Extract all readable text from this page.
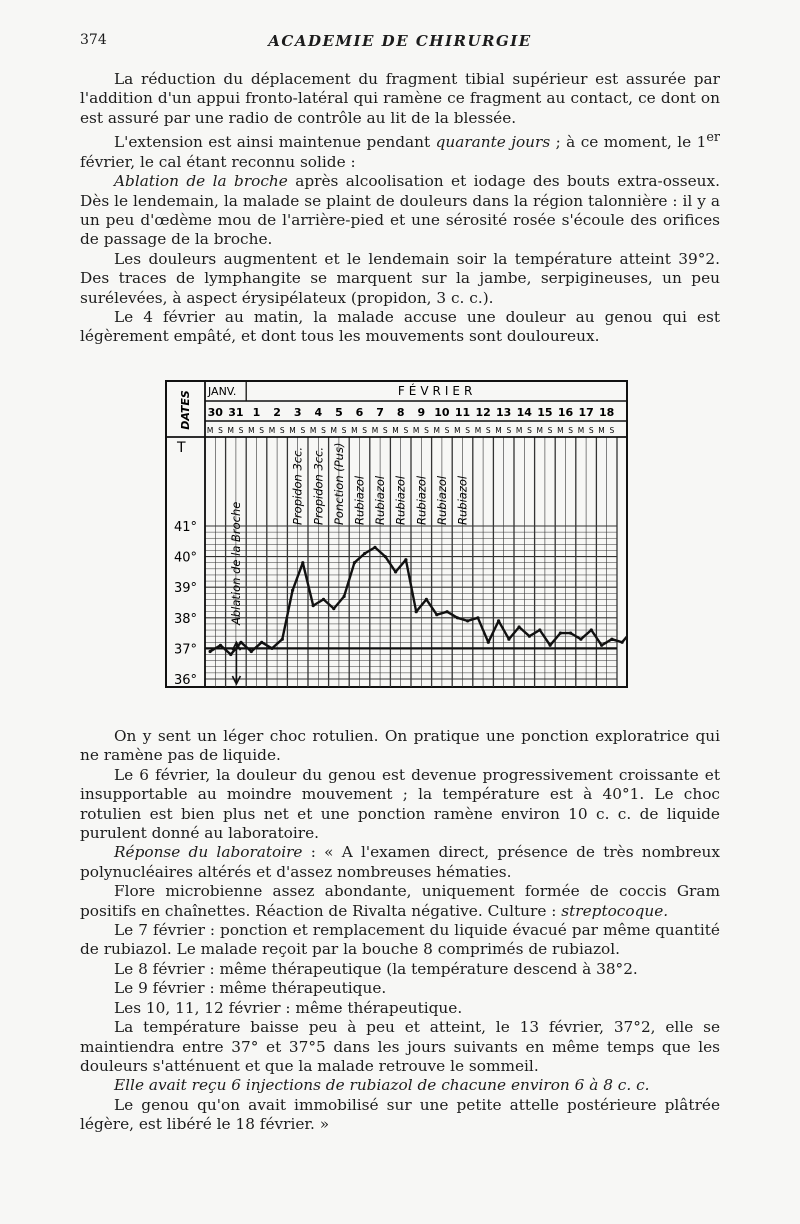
374	ACADEMIE DE CHIRURGIE

La réduction du déplacement du fragment tibial supérieur est assurée par l'addition d'un appui fronto-latéral qui ramène ce fragment au contact, ce dont on est assuré par une radio de contrôle au lit de la blessée.

L'extension est ainsi maintenue pendant quarante jours ; à ce moment, le 1er février, le cal étant reconnu solide :

Ablation de la broche après alcoolisation et iodage des bouts extra-osseux. Dès le lendemain, la malade se plaint de douleurs dans la région talonnière : il y a un peu d'œdème mou de l'arrière-pied et une sérosité rosée s'écoule des orifices de passage de la broche.

Les douleurs augmentent et le lendemain soir la température atteint 39°2. Des traces de lymphangite se marquent sur la jambe, serpigineuses, un peu surélevées, à aspect érysipélateux (propidon, 3 c. c.).

Le 4 février au matin, la malade accuse une douleur au genou qui est légèrement empâté, et dont tous les mouvements sont douloureux.

DATES JANV.	FÉVRIER
30
M S
31
M S
1
M S
2
M S
3
M S
4
M S
5
M S
6
M S
7
M S
8
M S
9
M S
10
M S
11
M S
12
M S
13
M S
14
M S
15
M S
16
M S
17
M S
18
M S
T
41°
40°
39°
38°
37°
36°
Ablation de la Broche
Propidon 3cc. Propidon 3cc. Ponction (Pus) Rubiazol Rubiazol Rubiazol Rubiazol Rubiazol Rubiazol

On y sent un léger choc rotulien. On pratique une ponction exploratrice qui ne ramène pas de liquide.

Le 6 février, la douleur du genou est devenue progressivement croissante et insupportable au moindre mouvement ; la température est à 40°1. Le choc rotulien est bien plus net et une ponction ramène environ 10 c. c. de liquide purulent donné au laboratoire.

Réponse du laboratoire : « A l'examen direct, présence de très nombreux polynucléaires altérés et d'assez nombreuses hématies.

Flore microbienne assez abondante, uniquement formée de coccis Gram positifs en chaînettes. Réaction de Rivalta négative. Culture : streptocoque.

Le 7 février : ponction et remplacement du liquide évacué par même quantité de rubiazol. Le malade reçoit par la bouche 8 comprimés de rubiazol.

Le 8 février : même thérapeutique (la température descend à 38°2.

Le 9 février : même thérapeutique.

Les 10, 11, 12 février : même thérapeutique.

La température baisse peu à peu et atteint, le 13 février, 37°2, elle se maintiendra entre 37° et 37°5 dans les jours suivants en même temps que les douleurs s'atténuent et que la malade retrouve le sommeil.

Elle avait reçu 6 injections de rubiazol de chacune environ 6 à 8 c. c.

Le genou qu'on avait immobilisé sur une petite attelle postérieure plâtrée légère, est libéré le 18 février. »
